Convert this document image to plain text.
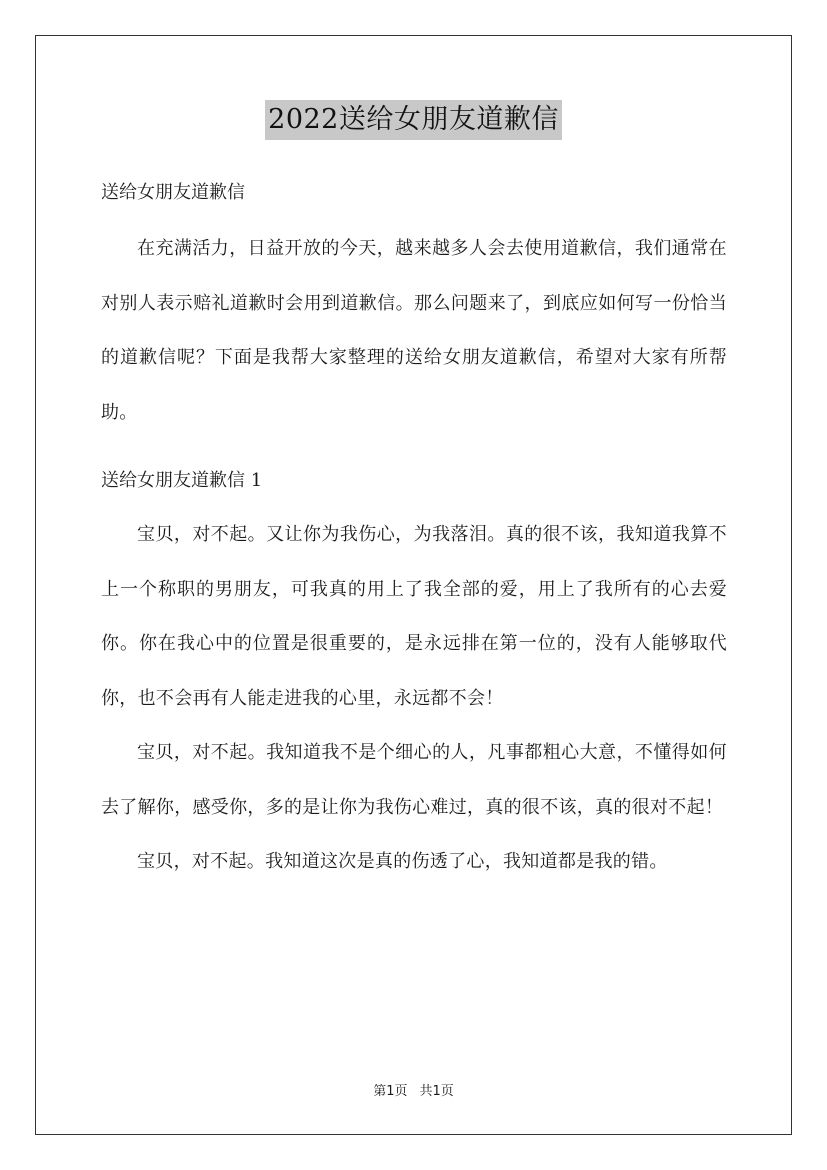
2022送给女朋友道歉信

送给女朋友道歉信

在充满活力，日益开放的今天，越来越多人会去使用道歉信，我们通常在对别人表示赔礼道歉时会用到道歉信。那么问题来了，到底应如何写一份恰当的道歉信呢？下面是我帮大家整理的送给女朋友道歉信，希望对大家有所帮助。

送给女朋友道歉信 1

宝贝，对不起。又让你为我伤心，为我落泪。真的很不该，我知道我算不上一个称职的男朋友，可我真的用上了我全部的爱，用上了我所有的心去爱你。你在我心中的位置是很重要的，是永远排在第一位的，没有人能够取代你，也不会再有人能走进我的心里，永远都不会！

宝贝，对不起。我知道我不是个细心的人，凡事都粗心大意，不懂得如何去了解你，感受你，多的是让你为我伤心难过，真的很不该，真的很对不起！

宝贝，对不起。我知道这次是真的伤透了心，我知道都是我的错。

第1页 共1页
